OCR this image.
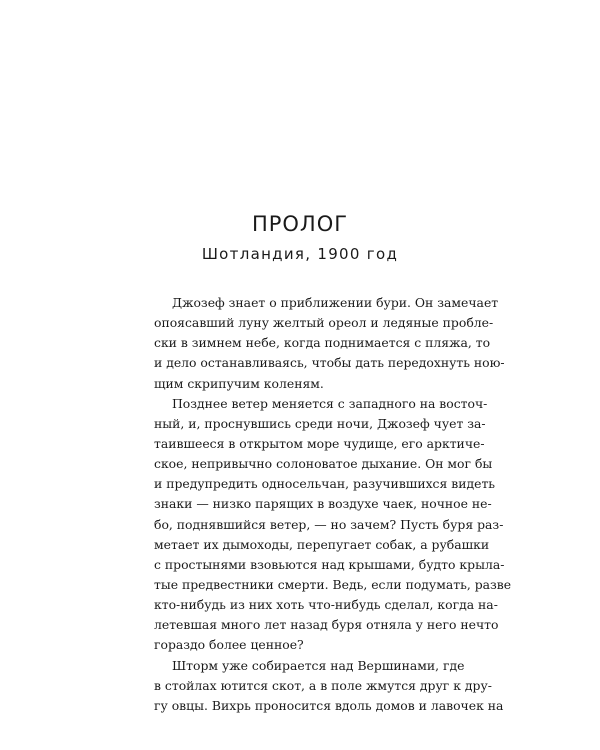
ПРОЛОГ
Шотландия, 1900 год
Джозеф знает о приближении бури. Он замечает
опоясавший луну желтый ореол и ледяные пробле-
ски в зимнем небе, когда поднимается с пляжа, то
и дело останавливаясь, чтобы дать передохнуть ною-
щим скрипучим коленям.
Позднее ветер меняется с западного на восточ-
ный, и, проснувшись среди ночи, Джозеф чует за-
таившееся в открытом море чудище, его арктиче-
ское, непривычно солоноватое дыхание. Он мог бы
и предупредить односельчан, разучившихся видеть
знаки — низко парящих в воздухе чаек, ночное не-
бо, поднявшийся ветер, — но зачем? Пусть буря раз-
метает их дымоходы, перепугает собак, а рубашки
с простынями взовьются над крышами, будто крыла-
тые предвестники смерти. Ведь, если подумать, разве
кто-нибудь из них хоть что-нибудь сделал, когда на-
летевшая много лет назад буря отняла у него нечто
гораздо более ценное?
Шторм уже собирается над Вершинами, где
в стойлах ютится скот, а в поле жмутся друг к дру-
гу овцы. Вихрь проносится вдоль домов и лавочек на
